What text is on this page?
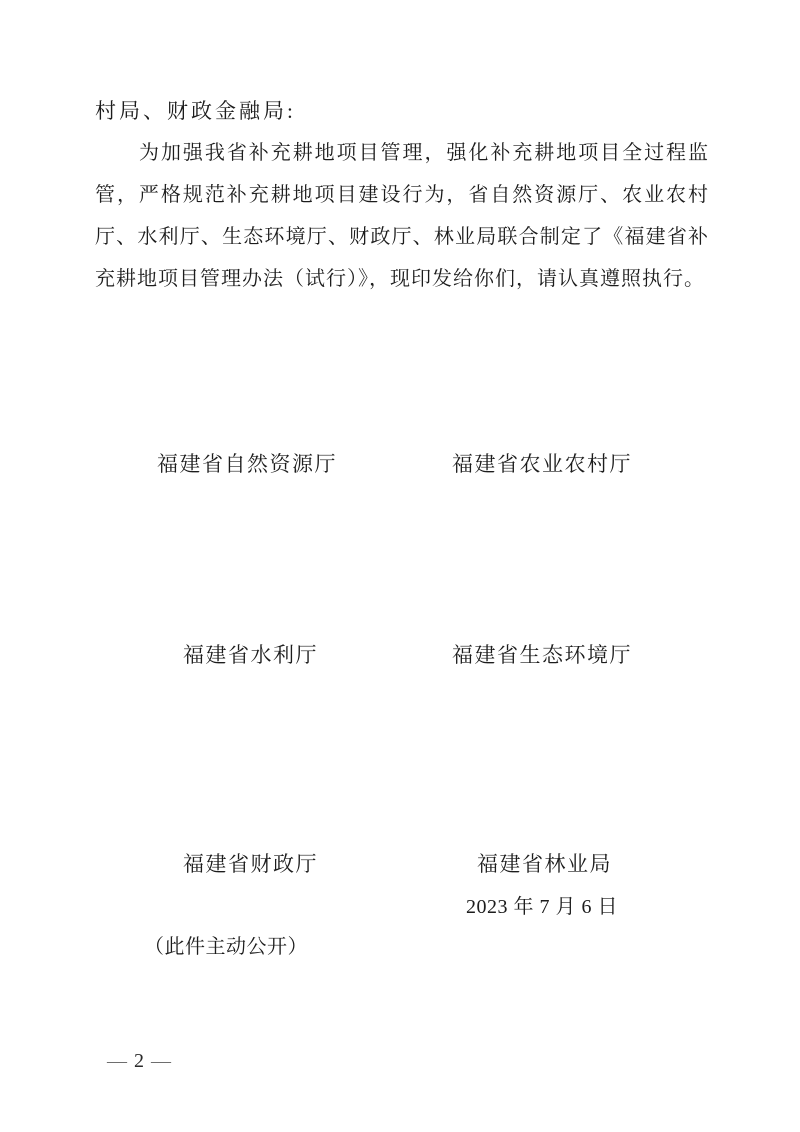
村局、财政金融局:
为加强我省补充耕地项目管理，强化补充耕地项目全过程监
管，严格规范补充耕地项目建设行为，省自然资源厅、农业农村
厅、水利厅、生态环境厅、财政厅、林业局联合制定了《福建省补
充耕地项目管理办法（试行）》，现印发给你们，请认真遵照执行。
福建省自然资源厅	福建省农业农村厅
福建省水利厅	福建省生态环境厅
福建省财政厅	福建省林业局
2023 年 7 月 6 日
（此件主动公开）
— 2 —
